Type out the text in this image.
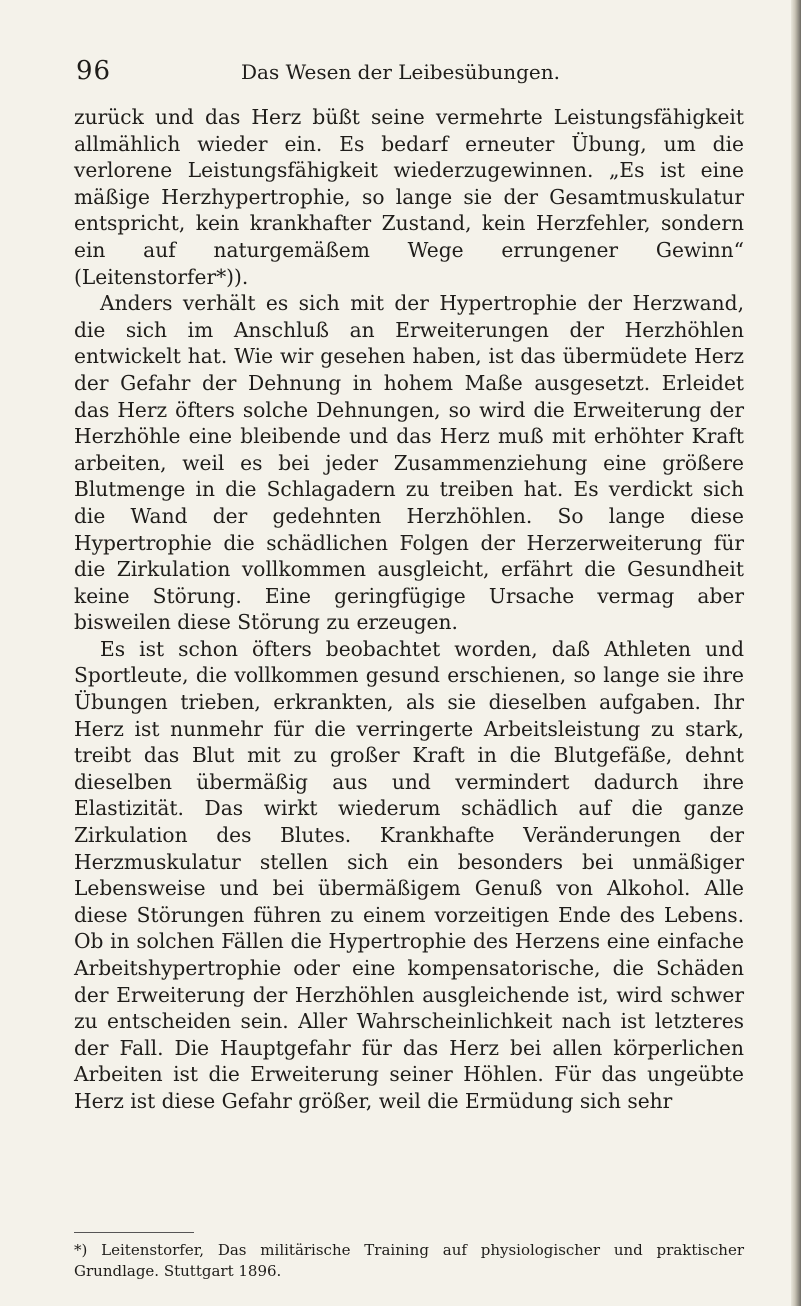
96	Das Wesen der Leibesübungen.

zurück und das Herz büßt seine vermehrte Leistungsfähigkeit allmählich wieder ein. Es bedarf erneuter Übung, um die verlorene Leistungsfähigkeit wiederzugewinnen. „Es ist eine mäßige Herzhypertrophie, so lange sie der Gesamtmuskulatur entspricht, kein krankhafter Zustand, kein Herzfehler, sondern ein auf naturgemäßem Wege errungener Gewinn“ (Leitenstorfer*)).

Anders verhält es sich mit der Hypertrophie der Herzwand, die sich im Anschluß an Erweiterungen der Herzhöhlen entwickelt hat. Wie wir gesehen haben, ist das übermüdete Herz der Gefahr der Dehnung in hohem Maße ausgesetzt. Erleidet das Herz öfters solche Dehnungen, so wird die Erweiterung der Herzhöhle eine bleibende und das Herz muß mit erhöhter Kraft arbeiten, weil es bei jeder Zusammenziehung eine größere Blutmenge in die Schlagadern zu treiben hat. Es verdickt sich die Wand der gedehnten Herzhöhlen. So lange diese Hypertrophie die schädlichen Folgen der Herzerweiterung für die Zirkulation vollkommen ausgleicht, erfährt die Gesundheit keine Störung. Eine geringfügige Ursache vermag aber bisweilen diese Störung zu erzeugen.

Es ist schon öfters beobachtet worden, daß Athleten und Sportleute, die vollkommen gesund erschienen, so lange sie ihre Übungen trieben, erkrankten, als sie dieselben aufgaben. Ihr Herz ist nunmehr für die verringerte Arbeitsleistung zu stark, treibt das Blut mit zu großer Kraft in die Blutgefäße, dehnt dieselben übermäßig aus und vermindert dadurch ihre Elastizität. Das wirkt wiederum schädlich auf die ganze Zirkulation des Blutes. Krankhafte Veränderungen der Herzmuskulatur stellen sich ein besonders bei unmäßiger Lebensweise und bei übermäßigem Genuß von Alkohol. Alle diese Störungen führen zu einem vorzeitigen Ende des Lebens. Ob in solchen Fällen die Hypertrophie des Herzens eine einfache Arbeitshypertrophie oder eine kompensatorische, die Schäden der Erweiterung der Herzhöhlen ausgleichende ist, wird schwer zu entscheiden sein. Aller Wahrscheinlichkeit nach ist letzteres der Fall. Die Hauptgefahr für das Herz bei allen körperlichen Arbeiten ist die Erweiterung seiner Höhlen. Für das ungeübte Herz ist diese Gefahr größer, weil die Ermüdung sich sehr

*) Leitenstorfer, Das militärische Training auf physiologischer und praktischer Grundlage. Stuttgart 1896.
